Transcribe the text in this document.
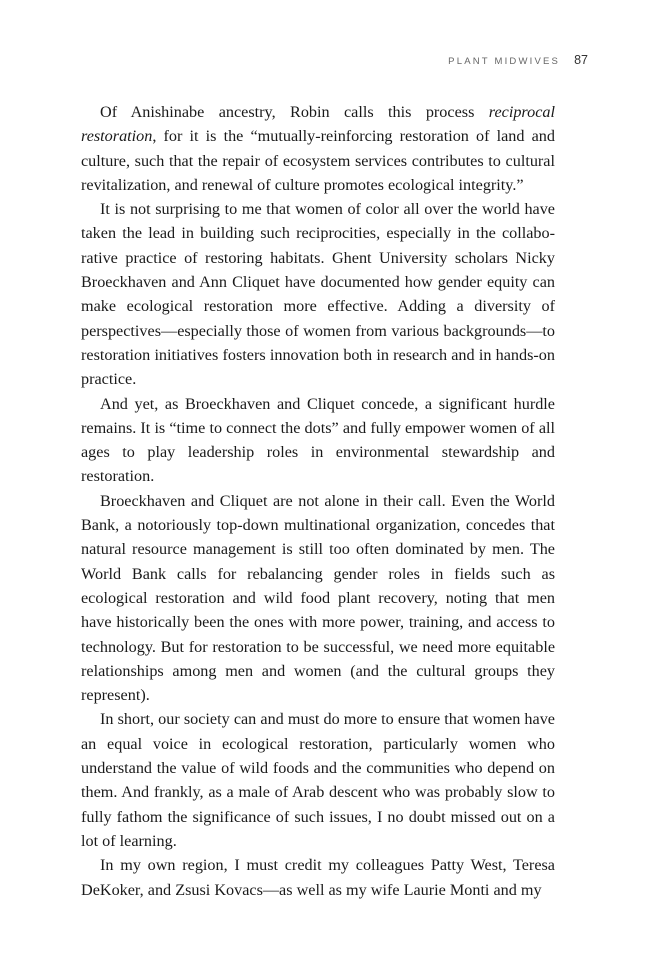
PLANT MIDWIVES 87

Of Anishinabe ancestry, Robin calls this process reciprocal restoration, for it is the “mutually-reinforcing restoration of land and culture, such that the repair of ecosystem services contributes to cultural revitalization, and renewal of culture promotes ecological integrity.”

It is not surprising to me that women of color all over the world have taken the lead in building such reciprocities, especially in the collaborative practice of restoring habitats. Ghent University scholars Nicky Broeckhaven and Ann Cliquet have documented how gender equity can make ecological restoration more effective. Adding a diversity of perspectives—especially those of women from various backgrounds—to restoration initiatives fosters innovation both in research and in hands-on practice.

And yet, as Broeckhaven and Cliquet concede, a significant hurdle remains. It is “time to connect the dots” and fully empower women of all ages to play leadership roles in environmental stewardship and restoration.

Broeckhaven and Cliquet are not alone in their call. Even the World Bank, a notoriously top-down multinational organization, concedes that natural resource management is still too often dominated by men. The World Bank calls for rebalancing gender roles in fields such as ecological restoration and wild food plant recovery, noting that men have historically been the ones with more power, training, and access to technology. But for restoration to be successful, we need more equitable relationships among men and women (and the cultural groups they represent).

In short, our society can and must do more to ensure that women have an equal voice in ecological restoration, particularly women who understand the value of wild foods and the communities who depend on them. And frankly, as a male of Arab descent who was probably slow to fully fathom the significance of such issues, I no doubt missed out on a lot of learning.

In my own region, I must credit my colleagues Patty West, Teresa DeKoker, and Zsusi Kovacs—as well as my wife Laurie Monti and my
